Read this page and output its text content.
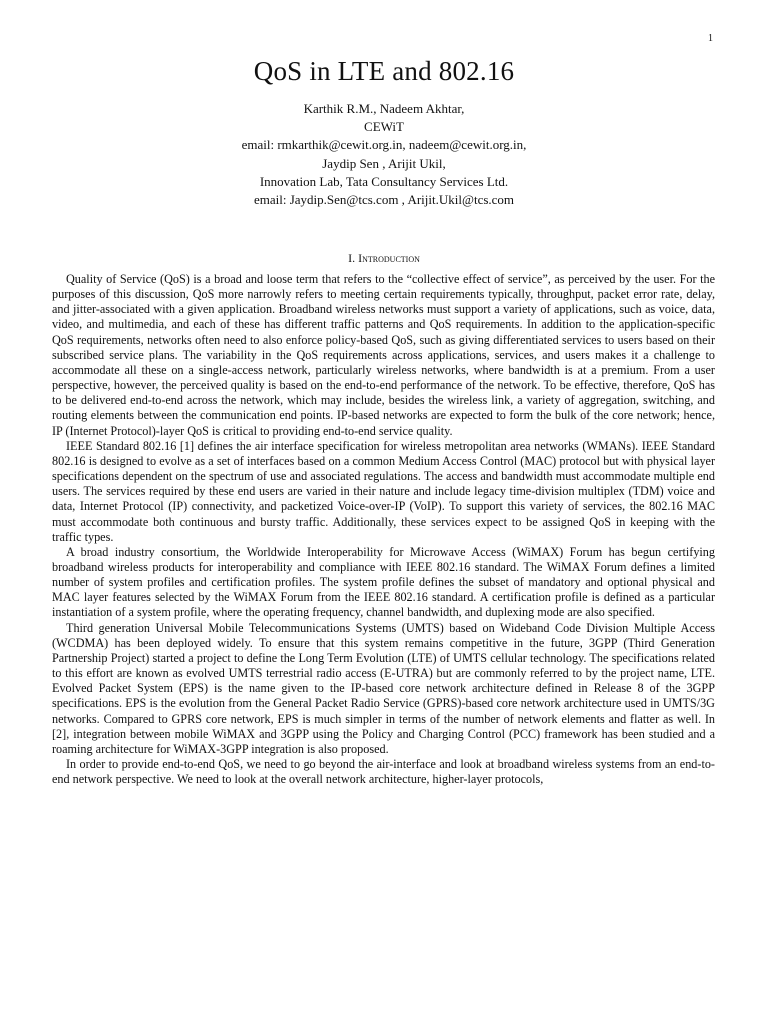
1
QoS in LTE and 802.16
Karthik R.M., Nadeem Akhtar,
CEWiT
email: rmkarthik@cewit.org.in, nadeem@cewit.org.in,
Jaydip Sen , Arijit Ukil,
Innovation Lab, Tata Consultancy Services Ltd.
email: Jaydip.Sen@tcs.com , Arijit.Ukil@tcs.com
I. Introduction

Quality of Service (QoS) is a broad and loose term that refers to the “collective effect of service”, as perceived by the user. For the purposes of this discussion, QoS more narrowly refers to meeting certain requirements typically, throughput, packet error rate, delay, and jitter-associated with a given application. Broadband wireless networks must support a variety of applications, such as voice, data, video, and multimedia, and each of these has different traffic patterns and QoS requirements. In addition to the application-specific QoS requirements, networks often need to also enforce policy-based QoS, such as giving differentiated services to users based on their subscribed service plans. The variability in the QoS requirements across applications, services, and users makes it a challenge to accommodate all these on a single-access network, particularly wireless networks, where bandwidth is at a premium. From a user perspective, however, the perceived quality is based on the end-to-end performance of the network. To be effective, therefore, QoS has to be delivered end-to-end across the network, which may include, besides the wireless link, a variety of aggregation, switching, and routing elements between the communication end points. IP-based networks are expected to form the bulk of the core network; hence, IP (Internet Protocol)-layer QoS is critical to providing end-to-end service quality.

IEEE Standard 802.16 [1] defines the air interface specification for wireless metropolitan area networks (WMANs). IEEE Standard 802.16 is designed to evolve as a set of interfaces based on a common Medium Access Control (MAC) protocol but with physical layer specifications dependent on the spectrum of use and associated regulations. The access and bandwidth must accommodate multiple end users. The services required by these end users are varied in their nature and include legacy time-division multiplex (TDM) voice and data, Internet Protocol (IP) connectivity, and packetized Voice-over-IP (VoIP). To support this variety of services, the 802.16 MAC must accommodate both continuous and bursty traffic. Additionally, these services expect to be assigned QoS in keeping with the traffic types.

A broad industry consortium, the Worldwide Interoperability for Microwave Access (WiMAX) Forum has begun certifying broadband wireless products for interoperability and compliance with IEEE 802.16 standard. The WiMAX Forum defines a limited number of system profiles and certification profiles. The system profile defines the subset of mandatory and optional physical and MAC layer features selected by the WiMAX Forum from the IEEE 802.16 standard. A certification profile is defined as a particular instantiation of a system profile, where the operating frequency, channel bandwidth, and duplexing mode are also specified.

Third generation Universal Mobile Telecommunications Systems (UMTS) based on Wideband Code Division Multiple Access (WCDMA) has been deployed widely. To ensure that this system remains competitive in the future, 3GPP (Third Generation Partnership Project) started a project to define the Long Term Evolution (LTE) of UMTS cellular technology. The specifications related to this effort are known as evolved UMTS terrestrial radio access (E-UTRA) but are commonly referred to by the project name, LTE. Evolved Packet System (EPS) is the name given to the IP-based core network architecture defined in Release 8 of the 3GPP specifications. EPS is the evolution from the General Packet Radio Service (GPRS)-based core network architecture used in UMTS/3G networks. Compared to GPRS core network, EPS is much simpler in terms of the number of network elements and flatter as well. In [2], integration between mobile WiMAX and 3GPP using the Policy and Charging Control (PCC) framework has been studied and a roaming architecture for WiMAX-3GPP integration is also proposed.

In order to provide end-to-end QoS, we need to go beyond the air-interface and look at broadband wireless systems from an end-to-end network perspective. We need to look at the overall network architecture, higher-layer protocols,
